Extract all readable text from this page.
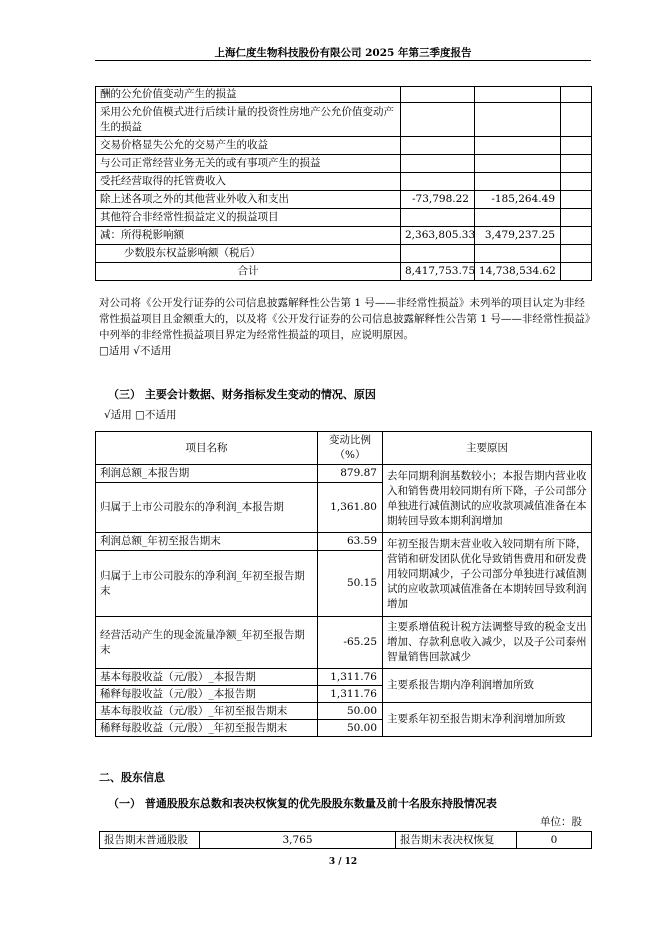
上海仁度生物科技股份有限公司 2025 年第三季度报告
酬的公允价值变动产生的损益			
采用公允价值模式进行后续计量的投资性房地产公允价值变动产生的损益			
交易价格显失公允的交易产生的收益			
与公司正常经营业务无关的或有事项产生的损益			
受托经营取得的托管费收入			
除上述各项之外的其他营业外收入和支出	-73,798.22	-185,264.49	
其他符合非经常性损益定义的损益项目			
减：所得税影响额	2,363,805.33	3,479,237.25	
少数股东权益影响额（税后）			
合计	8,417,753.75	14,738,534.62	
对公司将《公开发行证券的公司信息披露解释性公告第 1 号——非经常性损益》未列举的项目认定为非经常性损益项目且金额重大的，以及将《公开发行证券的公司信息披露解释性公告第 1 号——非经常性损益》中列举的非经常性损益项目界定为经常性损益的项目，应说明原因。
□适用 √不适用
（三） 主要会计数据、财务指标发生变动的情况、原因
√适用 □不适用
项目名称	变动比例（%）	主要原因
利润总额_本报告期	879.87	去年同期利润基数较小；本报告期内营业收入和销售费用较同期有所下降，子公司部分单独进行减值测试的应收款项减值准备在本期转回导致本期利润增加
归属于上市公司股东的净利润_本报告期	1,361.80	
利润总额_年初至报告期末	63.59	年初至报告期末营业收入较同期有所下降，营销和研发团队优化导致销售费用和研发费用较同期减少，子公司部分单独进行减值测试的应收款项减值准备在本期转回导致利润增加
归属于上市公司股东的净利润_年初至报告期末	50.15	
经营活动产生的现金流量净额_年初至报告期末	-65.25	主要系增值税计税方法调整导致的税金支出增加、存款利息收入减少，以及子公司泰州智量销售回款减少
基本每股收益（元/股）_本报告期	1,311.76	主要系报告期内净利润增加所致
稀释每股收益（元/股）_本报告期	1,311.76	
基本每股收益（元/股）_年初至报告期末	50.00	主要系年初至报告期末净利润增加所致
稀释每股收益（元/股）_年初至报告期末	50.00	
二、股东信息
（一） 普通股股东总数和表决权恢复的优先股股东数量及前十名股东持股情况表
单位：股
报告期末普通股股	3,765	报告期末表决权恢复	0
3 / 12
